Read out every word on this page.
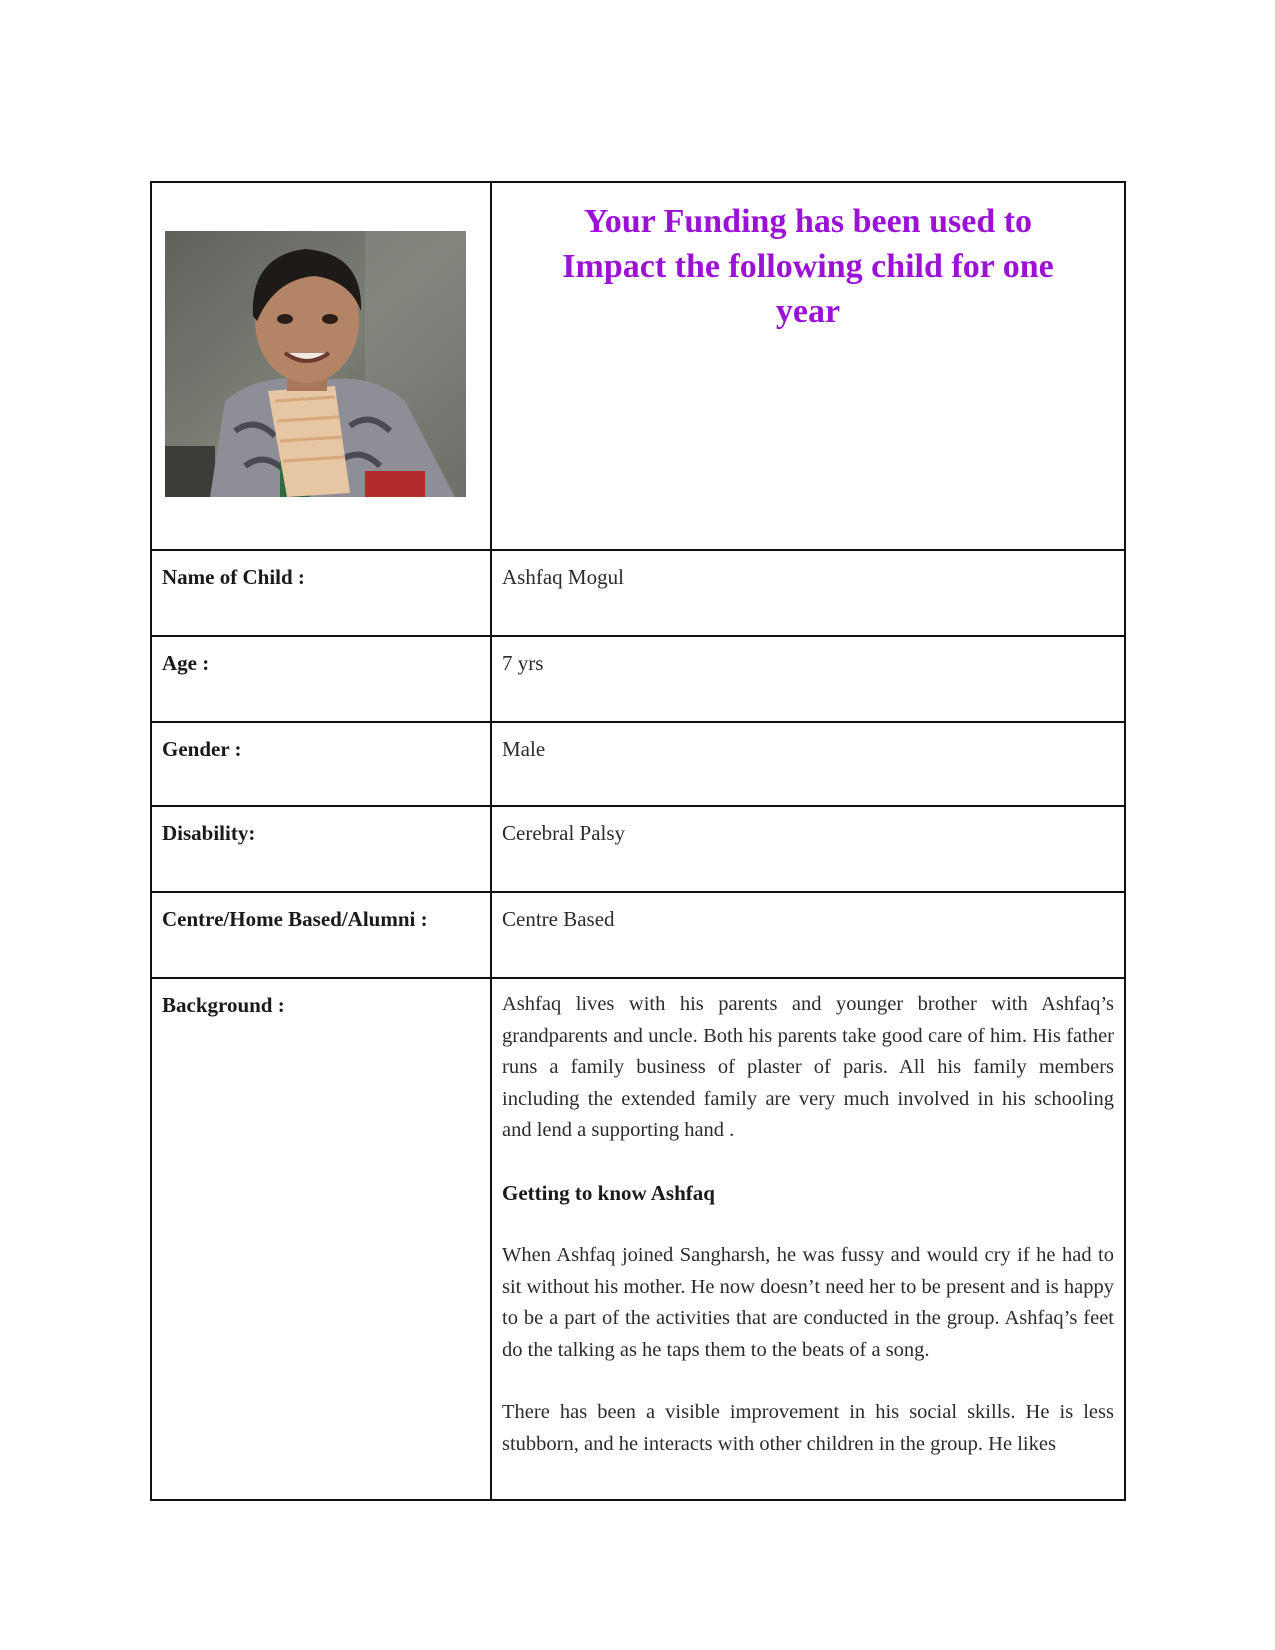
Your Funding has been used to
Impact the following child for one
year

Name of Child :	Ashfaq Mogul
Age :	7 yrs
Gender :	Male
Disability:	Cerebral Palsy
Centre/Home Based/Alumni :	Centre Based
Background :	Ashfaq lives with his parents and younger brother with Ashfaq’s grandparents and uncle. Both his parents take good care of him. His father runs a family business of plaster of paris. All his family members including the extended family are very much involved in his schooling and lend a supporting hand .

Getting to know Ashfaq

When Ashfaq joined Sangharsh, he was fussy and would cry if he had to sit without his mother. He now doesn’t need her to be present and is happy to be a part of the activities that are conducted in the group. Ashfaq’s feet do the talking as he taps them to the beats of a song.

There has been a visible improvement in his social skills. He is less stubborn, and he interacts with other children in the group. He likes
